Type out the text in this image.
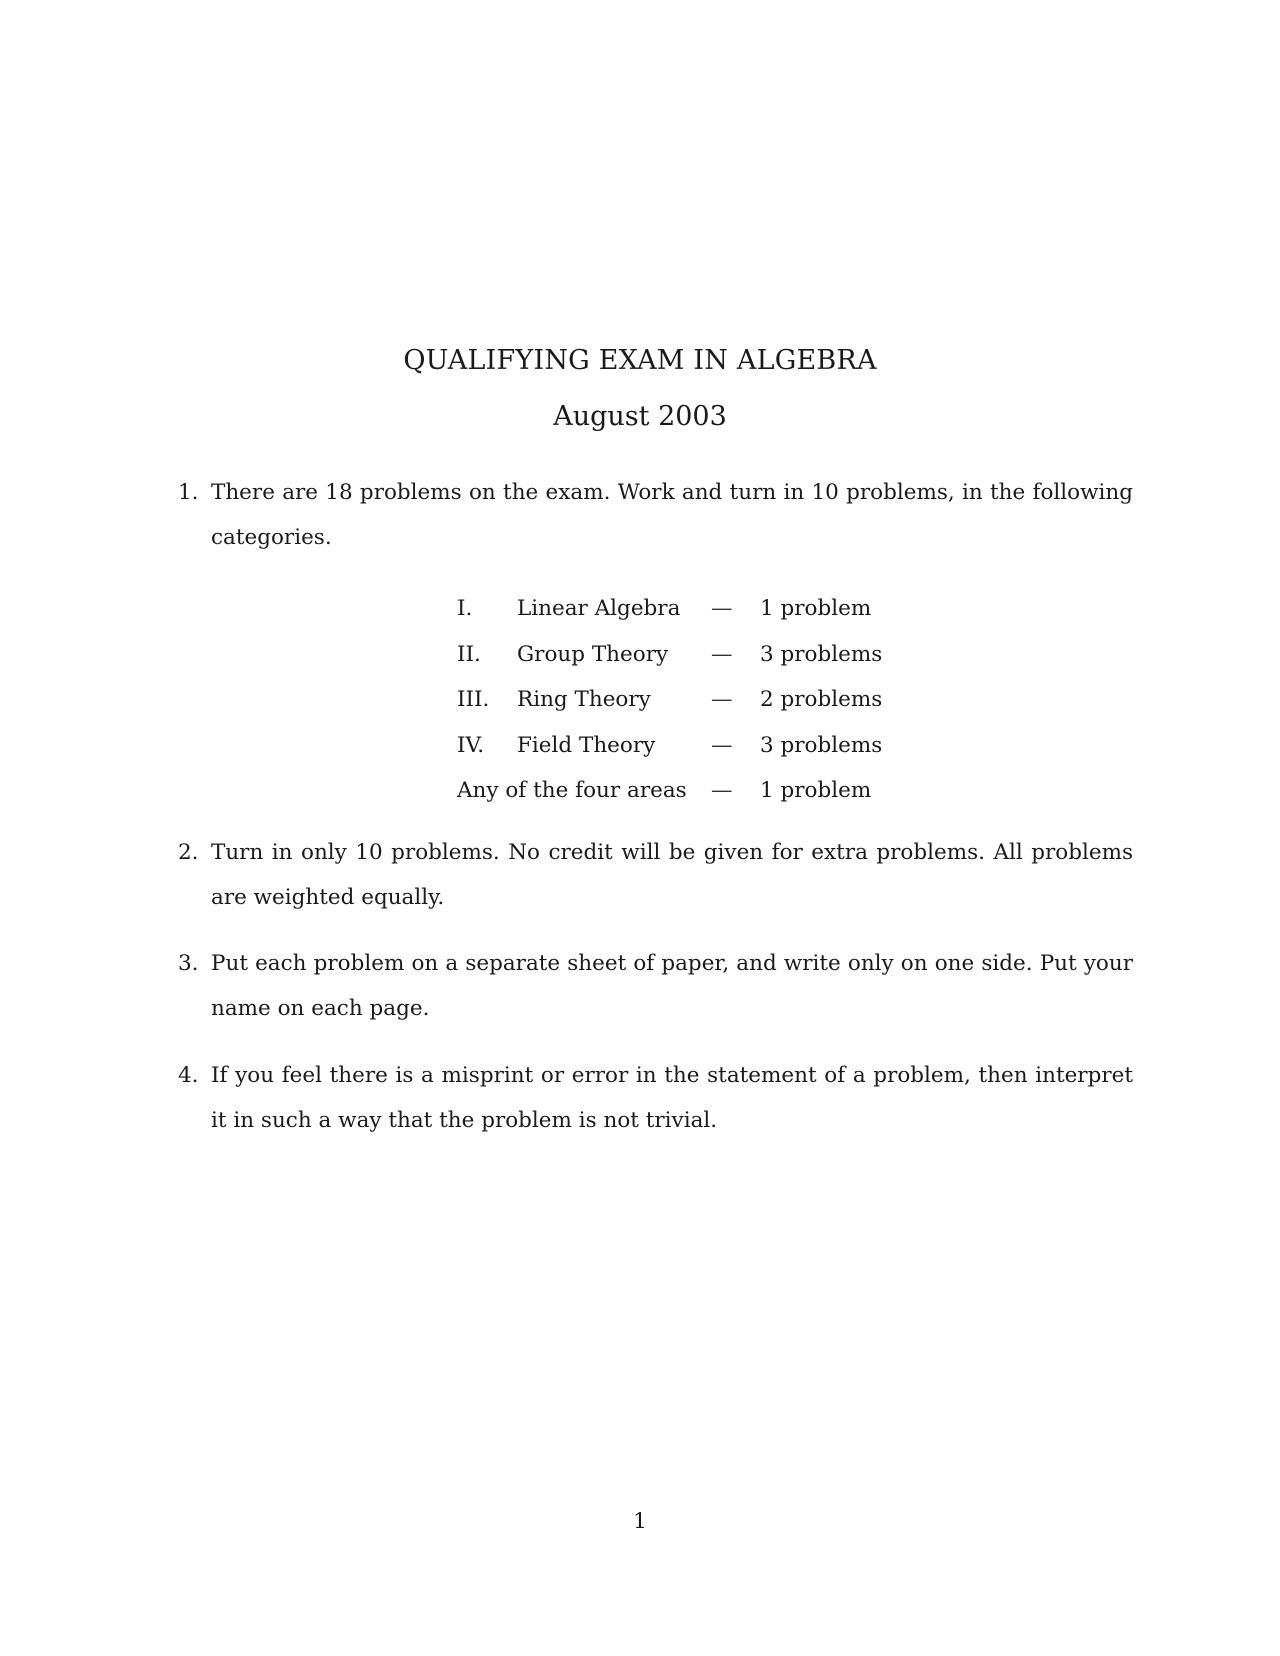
QUALIFYING EXAM IN ALGEBRA
August 2003
1. There are 18 problems on the exam. Work and turn in 10 problems, in the following categories.
I. Linear Algebra — 1 problem
II. Group Theory — 3 problems
III. Ring Theory	— 2 problems
IV. Field Theory	— 3 problems
Any of the four areas — 1 problem
2. Turn in only 10 problems. No credit will be given for extra problems. All problems are weighted equally.
3. Put each problem on a separate sheet of paper, and write only on one side. Put your name on each page.
4. If you feel there is a misprint or error in the statement of a problem, then interpret it in such a way that the problem is not trivial.
1
